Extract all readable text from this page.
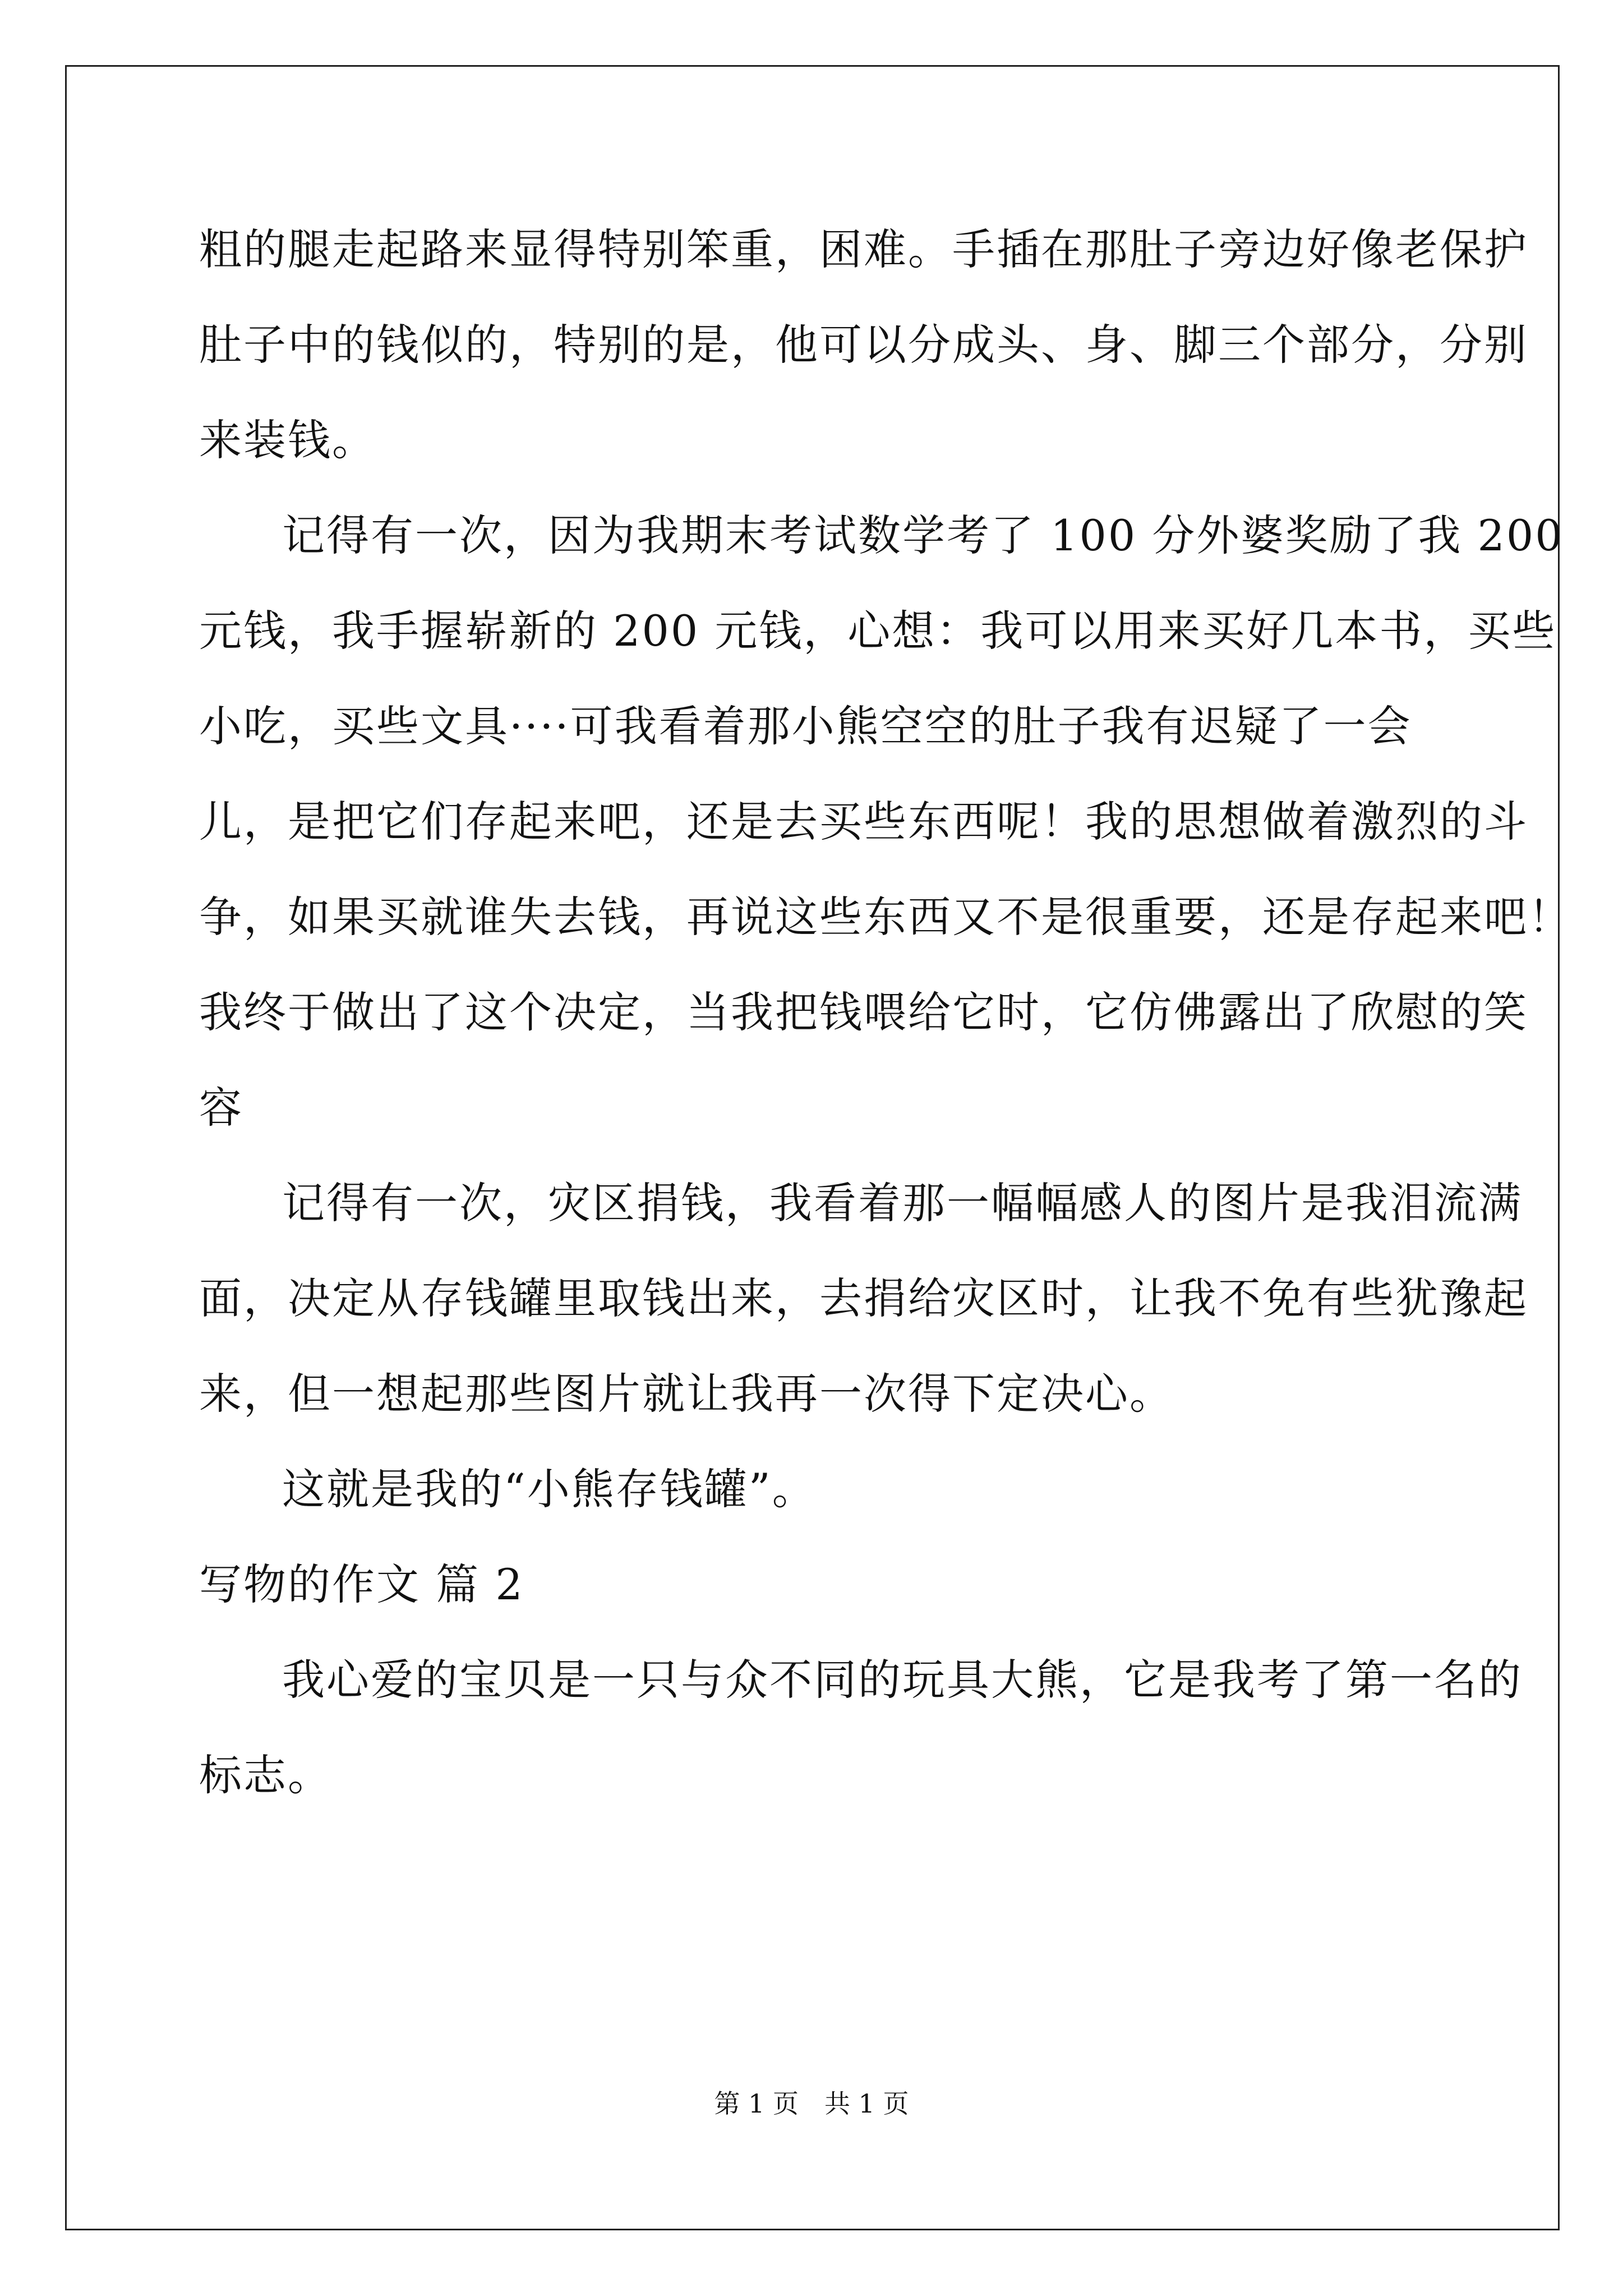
粗的腿走起路来显得特别笨重，困难。手插在那肚子旁边好像老保护
肚子中的钱似的，特别的是，他可以分成头、身、脚三个部分，分别
来装钱。
记得有一次，因为我期末考试数学考了 100 分外婆奖励了我 200
元钱，我手握崭新的 200 元钱，心想：我可以用来买好几本书，买些
小吃，买些文具····可我看着那小熊空空的肚子我有迟疑了一会
儿，是把它们存起来吧，还是去买些东西呢！我的思想做着激烈的斗
争，如果买就谁失去钱，再说这些东西又不是很重要，还是存起来吧！
我终于做出了这个决定，当我把钱喂给它时，它仿佛露出了欣慰的笑
容
记得有一次，灾区捐钱，我看着那一幅幅感人的图片是我泪流满
面，决定从存钱罐里取钱出来，去捐给灾区时，让我不免有些犹豫起
来，但一想起那些图片就让我再一次得下定决心。
这就是我的“小熊存钱罐”。
写物的作文 篇 2
我心爱的宝贝是一只与众不同的玩具大熊，它是我考了第一名的
标志。
第 1 页　共 1 页
